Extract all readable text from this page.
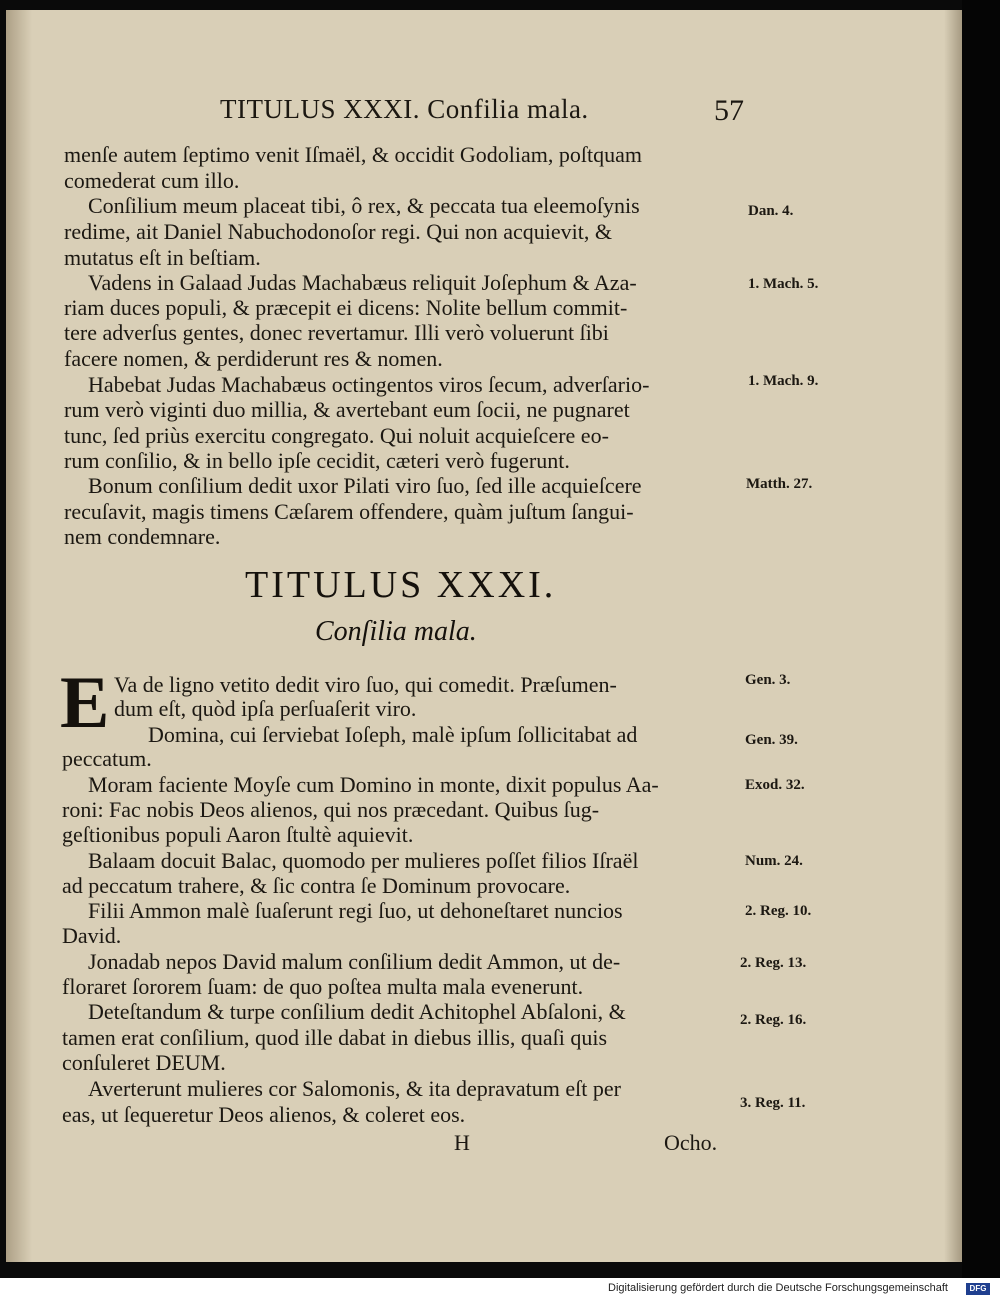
TITULUS XXXI. Confilia mala.	57
menſe autem ſeptimo venit Iſmaël, & occidit Godoliam, poſtquam
comederat cum illo.
Conſilium meum placeat tibi, ô rex, & peccata tua eleemoſynis
redime, ait Daniel Nabuchodonoſor regi. Qui non acquievit, &
mutatus eſt in beſtiam.
Vadens in Galaad Judas Machabæus reliquit Joſephum & Aza-
riam duces populi, & præcepit ei dicens: Nolite bellum commit-
tere adverſus gentes, donec revertamur. Illi verò voluerunt ſibi
facere nomen, & perdiderunt res & nomen.
Habebat Judas Machabæus octingentos viros ſecum, adverſario-
rum verò viginti duo millia, & avertebant eum ſocii, ne pugnaret
tunc, ſed priùs exercitu congregato. Qui noluit acquieſcere eo-
rum conſilio, & in bello ipſe cecidit, cæteri verò fugerunt.
Bonum conſilium dedit uxor Pilati viro ſuo, ſed ille acquieſcere
recuſavit, magis timens Cæſarem offendere, quàm juſtum ſangui-
nem condemnare.
Dan. 4.
1. Mach. 5.
1. Mach. 9.
Matth. 27.
TITULUS XXXI.
Conſilia mala.
E Va de ligno vetito dedit viro ſuo, qui comedit. Præſumen-
dum eſt, quòd ipſa perſuaſerit viro.
Domina, cui ſerviebat Ioſeph, malè ipſum ſollicitabat ad
peccatum.
Moram faciente Moyſe cum Domino in monte, dixit populus Aa-
roni: Fac nobis Deos alienos, qui nos præcedant. Quibus ſug-
geſtionibus populi Aaron ſtultè aquievit.
Balaam docuit Balac, quomodo per mulieres poſſet filios Iſraël
ad peccatum trahere, & ſic contra ſe Dominum provocare.
Filii Ammon malè ſuaſerunt regi ſuo, ut dehoneſtaret nuncios
David.
Jonadab nepos David malum conſilium dedit Ammon, ut de-
floraret ſororem ſuam: de quo poſtea multa mala evenerunt.
Deteſtandum & turpe conſilium dedit Achitophel Abſaloni, &
tamen erat conſilium, quod ille dabat in diebus illis, quaſi quis
conſuleret DEUM.
Averterunt mulieres cor Salomonis, & ita depravatum eſt per
eas, ut ſequeretur Deos alienos, & coleret eos.
Gen. 3.
Gen. 39.
Exod. 32.
Num. 24.
2. Reg. 10.
2. Reg. 13.
2. Reg. 16.
3. Reg. 11.
H	Ocho.
Digitalisierung gefördert durch die Deutsche Forschungsgemeinschaft	DFG
